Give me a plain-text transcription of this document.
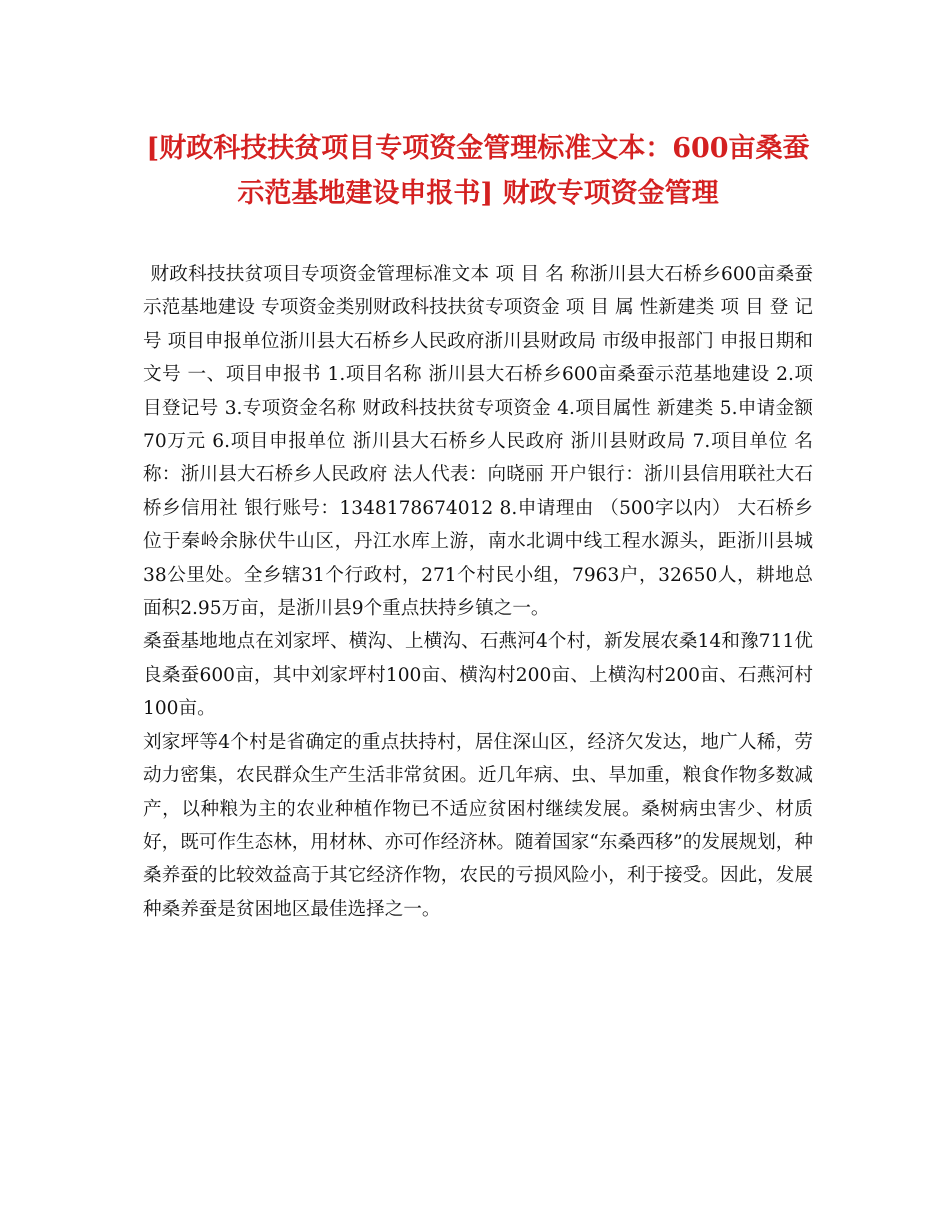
[财政科技扶贫项目专项资金管理标准文本：600亩桑蚕示范基地建设申报书] 财政专项资金管理

财政科技扶贫项目专项资金管理标准文本 项 目 名 称浙川县大石桥乡600亩桑蚕示范基地建设 专项资金类别财政科技扶贫专项资金 项 目 属 性新建类 项 目 登 记 号 项目申报单位浙川县大石桥乡人民政府浙川县财政局 市级申报部门 申报日期和文号 一、项目申报书 1.项目名称 浙川县大石桥乡600亩桑蚕示范基地建设 2.项目登记号 3.专项资金名称 财政科技扶贫专项资金 4.项目属性 新建类 5.申请金额70万元 6.项目申报单位 浙川县大石桥乡人民政府 浙川县财政局 7.项目单位 名称：浙川县大石桥乡人民政府 法人代表：向晓丽 开户银行：浙川县信用联社大石桥乡信用社 银行账号：1348178674012 8.申请理由 （500字以内） 大石桥乡位于秦岭余脉伏牛山区，丹江水库上游，南水北调中线工程水源头，距浙川县城38公里处。全乡辖31个行政村，271个村民小组，7963户，32650人，耕地总面积2.95万亩，是浙川县9个重点扶持乡镇之一。

桑蚕基地地点在刘家坪、横沟、上横沟、石燕河4个村，新发展农桑14和豫711优良桑蚕600亩，其中刘家坪村100亩、横沟村200亩、上横沟村200亩、石燕河村100亩。

刘家坪等4个村是省确定的重点扶持村，居住深山区，经济欠发达，地广人稀，劳动力密集，农民群众生产生活非常贫困。近几年病、虫、旱加重，粮食作物多数减产，以种粮为主的农业种植作物已不适应贫困村继续发展。桑树病虫害少、材质好，既可作生态林，用材林、亦可作经济林。随着国家“东桑西移”的发展规划，种桑养蚕的比较效益高于其它经济作物，农民的亏损风险小，利于接受。因此，发展种桑养蚕是贫困地区最佳选择之一。
